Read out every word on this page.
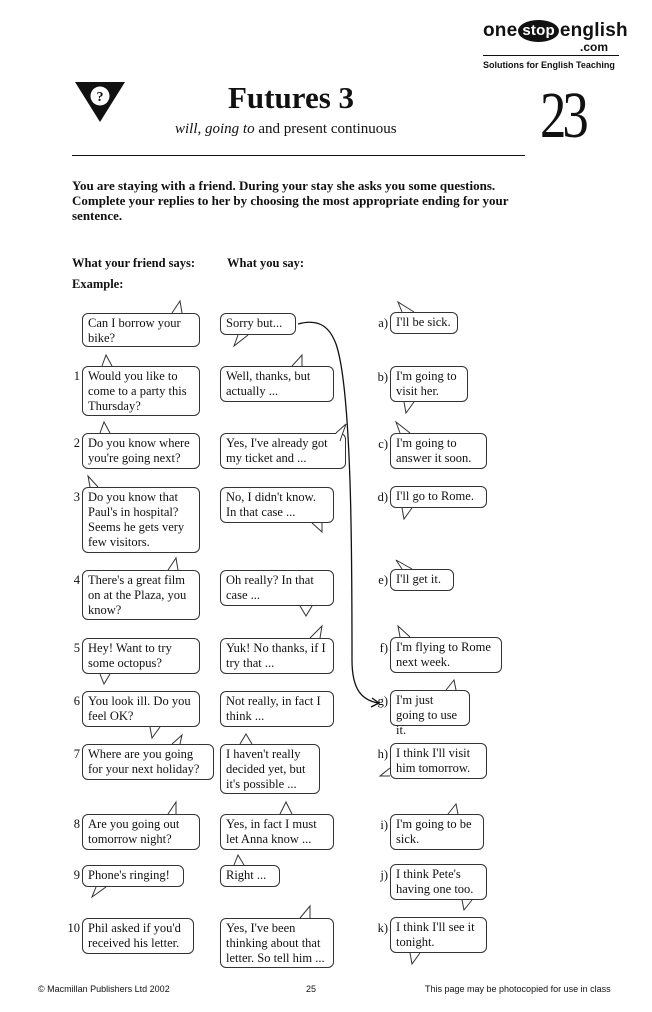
one stop english
.com
Solutions for English Teaching
?	Futures 3
will, going to and present continuous 23
You are staying with a friend. During your stay she asks you some questions. Complete your replies to her by choosing the most appropriate ending for your sentence.
What your friend says:	What you say:
Example:
Can I borrow your bike?
Sorry but...
1 Would you like to come to a party this Thursday?
Well, thanks, but actually ...
2 Do you know where you're going next?
Yes, I've already got my ticket and ...
3 Do you know that Paul's in hospital? Seems he gets very few visitors.
No, I didn't know. In that case ...
4 There's a great film on at the Plaza, you know?
Oh really? In that case ...
5 Hey! Want to try some octopus?
Yuk! No thanks, if I try that ...
6 You look ill. Do you feel OK?
Not really, in fact I think ...
7 Where are you going for your next holiday?
I haven't really decided yet, but it's possible ...
8 Are you going out tomorrow night?
Yes, in fact I must let Anna know ...
9 Phone's ringing!	Right ...
10 Phil asked if you'd received his letter.
Yes, I've been thinking about that letter. So tell him ...
a) I'll be sick.
b) I'm going to visit her.
c) I'm going to answer it soon.
d) I'll go to Rome.
e) I'll get it.
f) I'm flying to Rome next week.
g) I'm just going to use it.
h) I think I'll visit him tomorrow.
i) I'm going to be sick.
j) I think Pete's having one too.
k) I think I'll see it tonight.
© Macmillan Publishers Ltd 2002	25	This page may be photocopied for use in class
